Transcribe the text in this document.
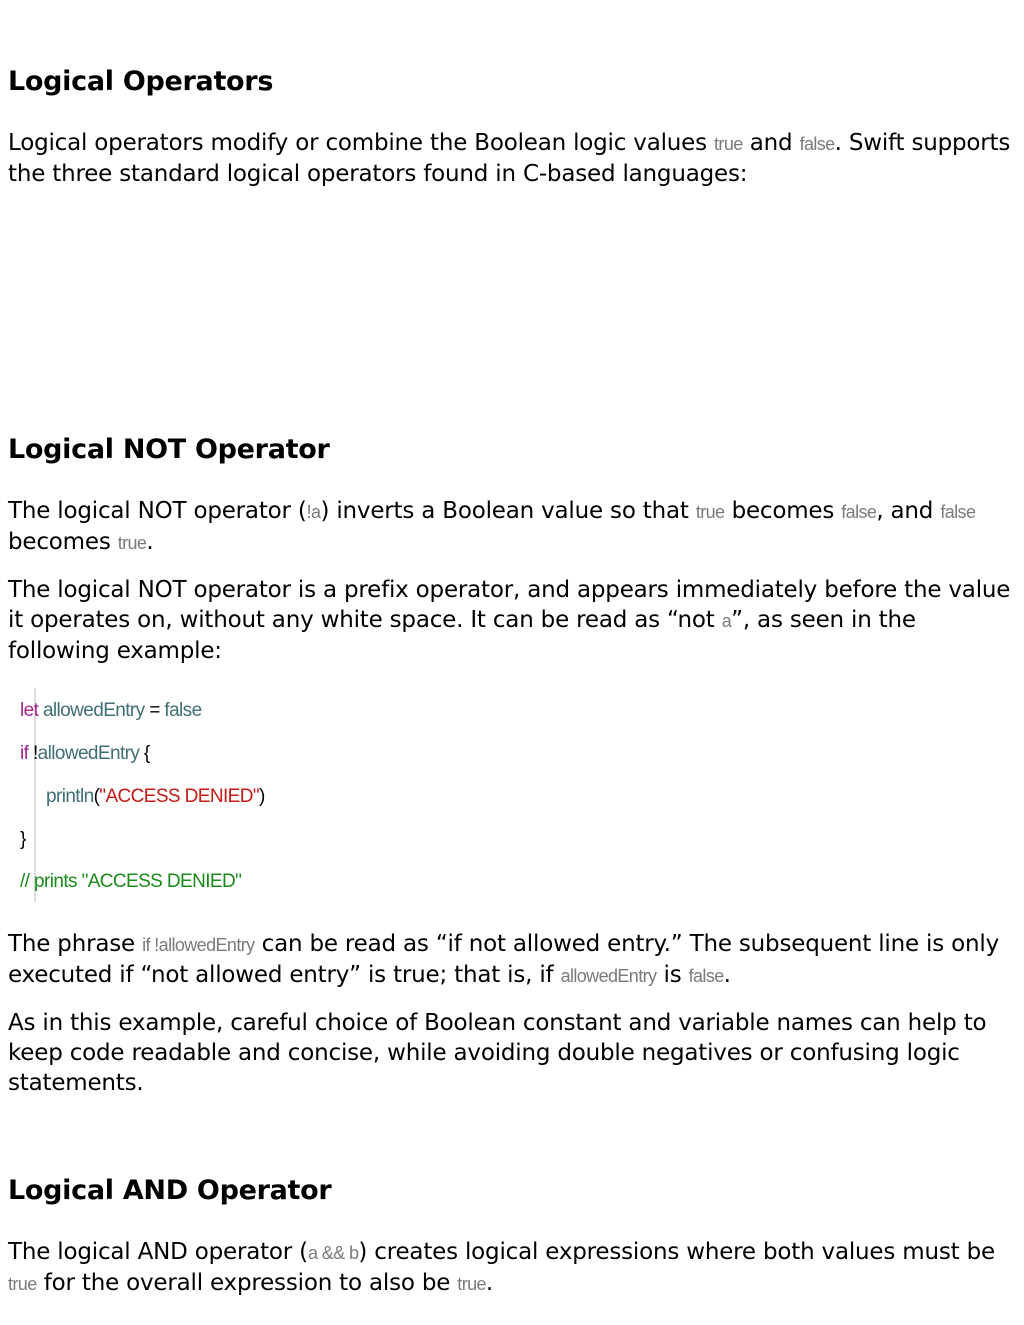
Logical Operators

Logical operators modify or combine the Boolean logic values true and false. Swift supports the three standard logical operators found in C-based languages:

Logical NOT Operator

The logical NOT operator (!a) inverts a Boolean value so that true becomes false, and false becomes true.

The logical NOT operator is a prefix operator, and appears immediately before the value it operates on, without any white space. It can be read as “not a”, as seen in the following example:

let allowedEntry = false
if !allowedEntry {
println("ACCESS DENIED")
}
// prints "ACCESS DENIED"

The phrase if !allowedEntry can be read as “if not allowed entry.” The subsequent line is only executed if “not allowed entry” is true; that is, if allowedEntry is false.

As in this example, careful choice of Boolean constant and variable names can help to keep code readable and concise, while avoiding double negatives or confusing logic statements.

Logical AND Operator

The logical AND operator (a && b) creates logical expressions where both values must be true for the overall expression to also be true.
